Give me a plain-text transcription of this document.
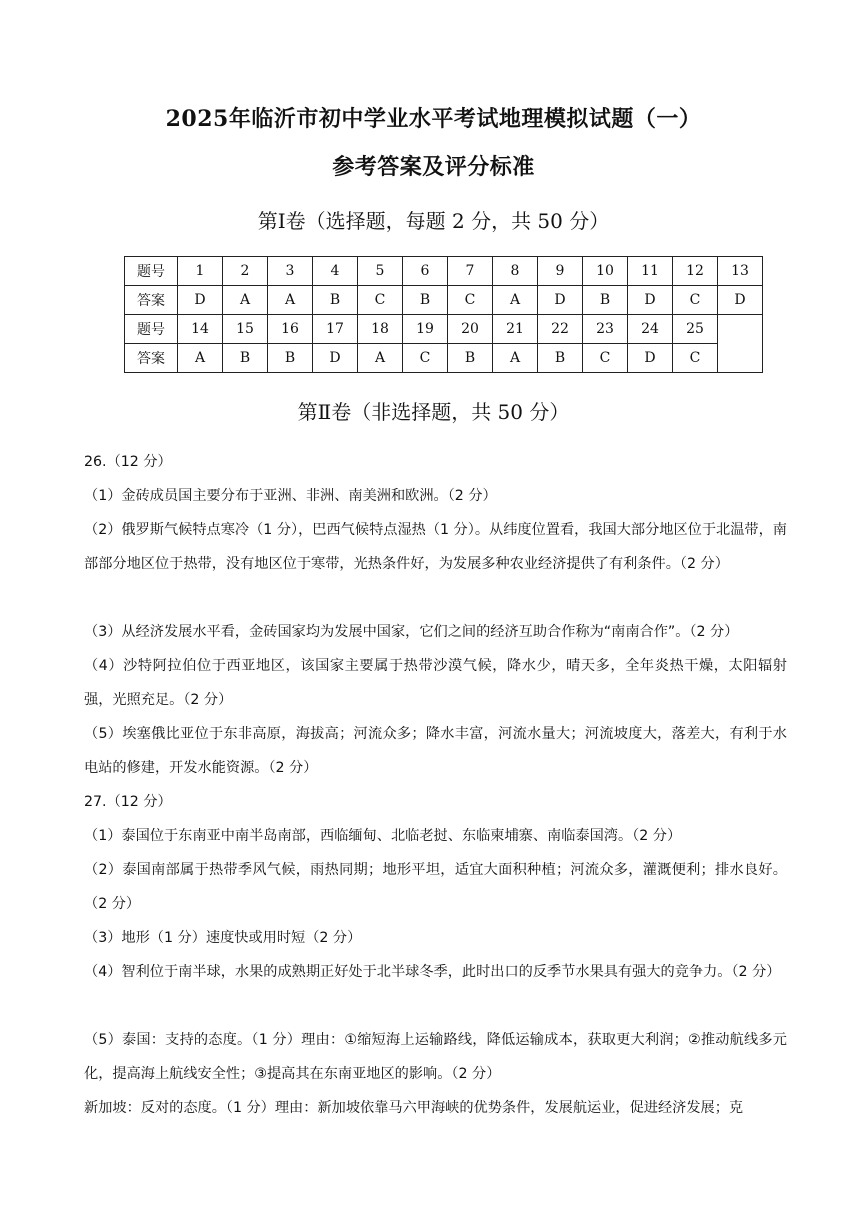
2025年临沂市初中学业水平考试地理模拟试题（一）
参考答案及评分标准
第Ⅰ卷（选择题，每题 2 分，共 50 分）
题号	1	2	3	4	5	6	7	8	9	10	11	12	13
答案	D	A	A	B	C	B	C	A	D	B	D	C	D
题号	14	15	16	17	18	19	20	21	22	23	24	25	
答案	A	B	B	D	A	C	B	A	B	C	D	C	
第Ⅱ卷（非选择题，共 50 分）
26.（12 分）
（1）金砖成员国主要分布于亚洲、非洲、南美洲和欧洲。（2 分）
（2）俄罗斯气候特点寒冷（1 分），巴西气候特点湿热（1 分）。从纬度位置看，我国大部分地区位于北温带，南部部分地区位于热带，没有地区位于寒带，光热条件好，为发展多种农业经济提供了有利条件。（2 分）
（3）从经济发展水平看，金砖国家均为发展中国家，它们之间的经济互助合作称为“南南合作”。（2 分）
（4）沙特阿拉伯位于西亚地区，该国家主要属于热带沙漠气候，降水少，晴天多，全年炎热干燥，太阳辐射强，光照充足。（2 分）
（5）埃塞俄比亚位于东非高原，海拔高；河流众多；降水丰富，河流水量大；河流坡度大，落差大，有利于水电站的修建，开发水能资源。（2 分）
27.（12 分）
（1）泰国位于东南亚中南半岛南部，西临缅甸、北临老挝、东临柬埔寨、南临泰国湾。（2 分）
（2）泰国南部属于热带季风气候，雨热同期；地形平坦，适宜大面积种植；河流众多，灌溉便利；排水良好。（2 分）
（3）地形（1 分）速度快或用时短（2 分）
（4）智利位于南半球，水果的成熟期正好处于北半球冬季，此时出口的反季节水果具有强大的竞争力。（2 分）
（5）泰国：支持的态度。（1 分）理由：①缩短海上运输路线，降低运输成本，获取更大利润；②推动航线多元化，提高海上航线安全性；③提高其在东南亚地区的影响。（2 分）
新加坡：反对的态度。（1 分）理由：新加坡依靠马六甲海峡的优势条件，发展航运业，促进经济发展；克
